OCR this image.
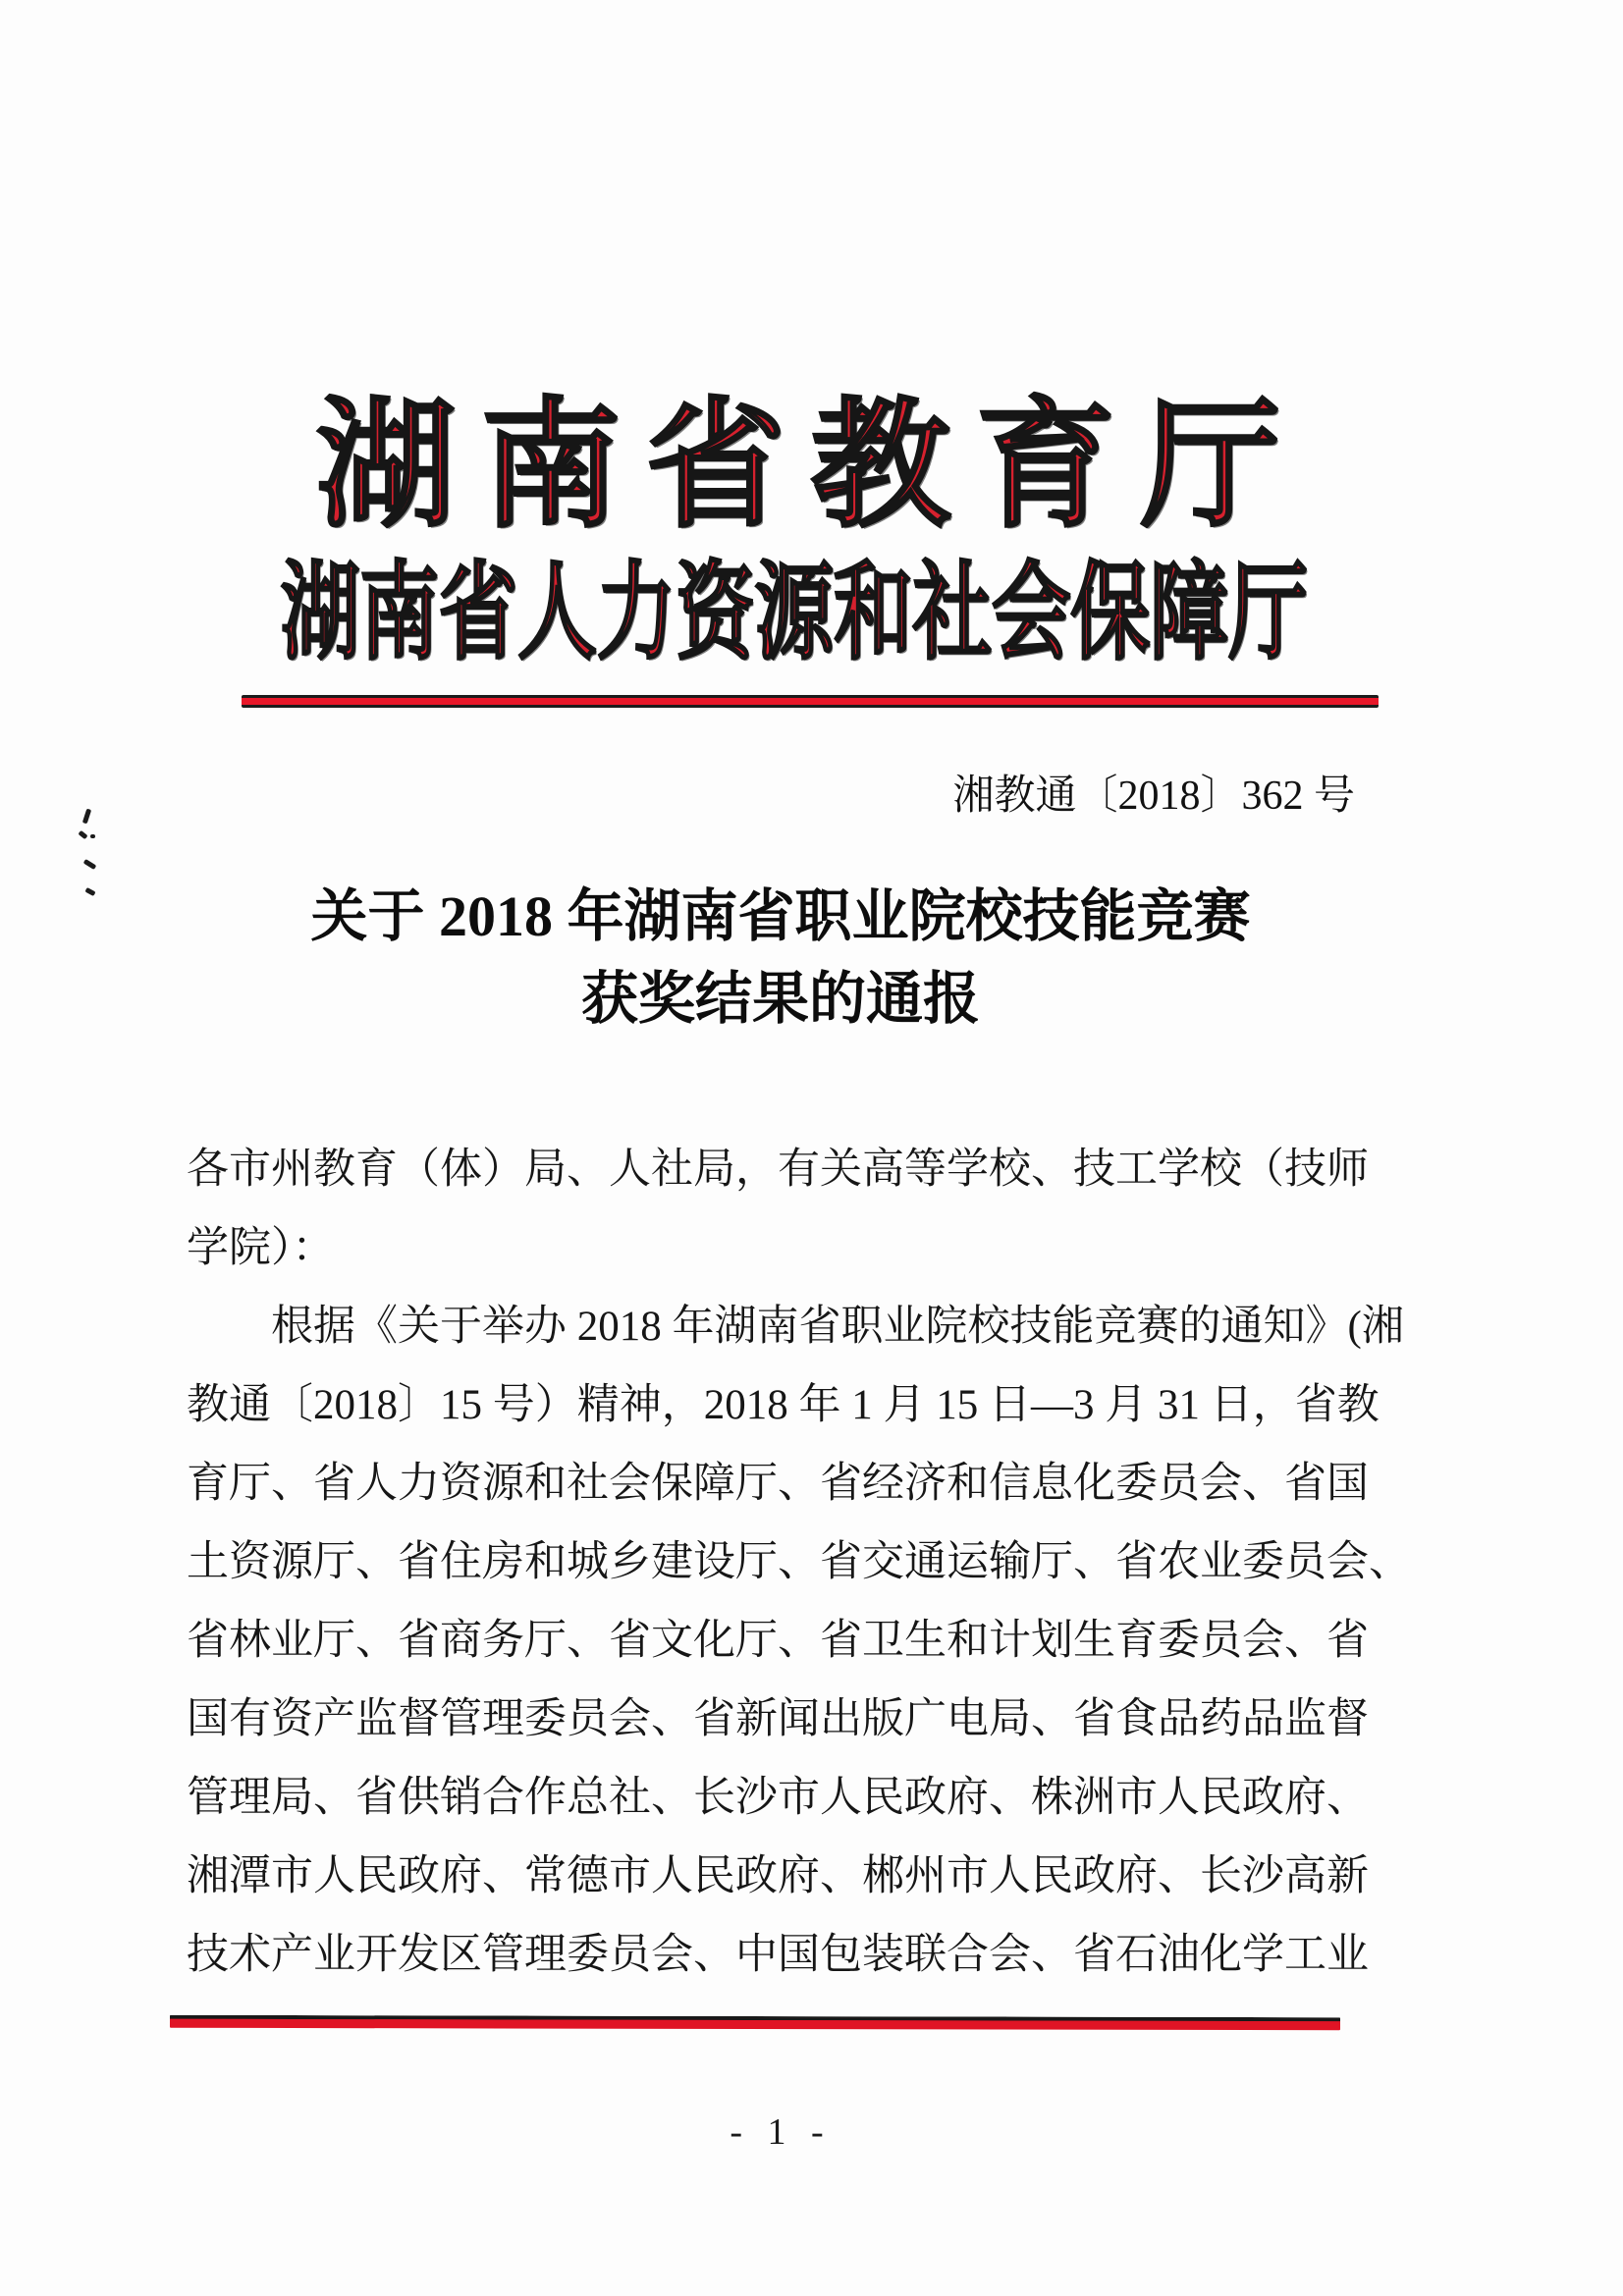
湖南省教育厅
湖南省人力资源和社会保障厅
湘教通〔2018〕362 号
关于 2018 年湖南省职业院校技能竞赛
获奖结果的通报
各市州教育（体）局、人社局，有关高等学校、技工学校（技师
学院）：
根据《关于举办 2018 年湖南省职业院校技能竞赛的通知》(湘
教通〔2018〕15 号）精神，2018 年 1 月 15 日—3 月 31 日，省教
育厅、省人力资源和社会保障厅、省经济和信息化委员会、省国
土资源厅、省住房和城乡建设厅、省交通运输厅、省农业委员会、
省林业厅、省商务厅、省文化厅、省卫生和计划生育委员会、省
国有资产监督管理委员会、省新闻出版广电局、省食品药品监督
管理局、省供销合作总社、长沙市人民政府、株洲市人民政府、
湘潭市人民政府、常德市人民政府、郴州市人民政府、长沙高新
技术产业开发区管理委员会、中国包装联合会、省石油化学工业
- 1 -
